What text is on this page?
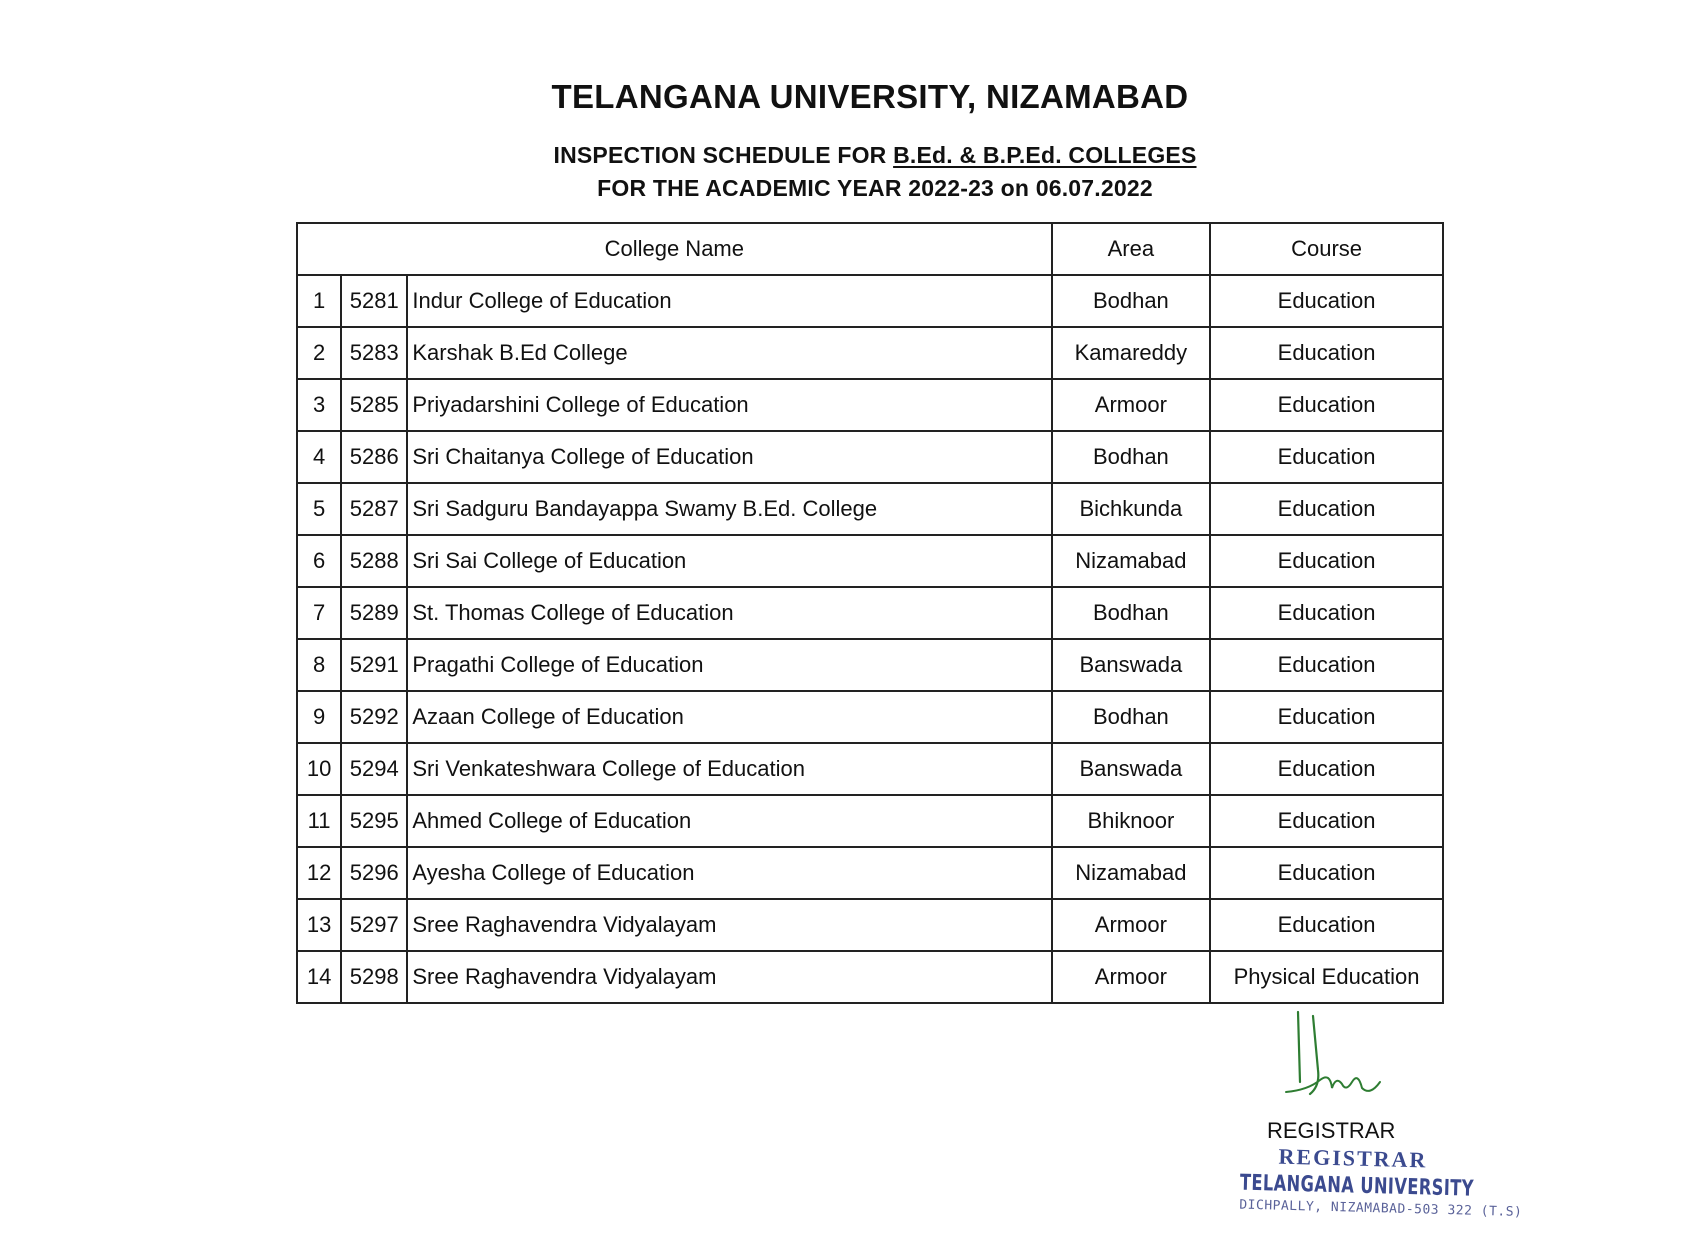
TELANGANA UNIVERSITY, NIZAMABAD
INSPECTION SCHEDULE FOR B.Ed. & B.P.Ed. COLLEGES
FOR THE ACADEMIC YEAR 2022-23 on 06.07.2022
College Name			Area	Course
1	5281	Indur College of Education	Bodhan	Education
2	5283	Karshak B.Ed College	Kamareddy	Education
3	5285	Priyadarshini College of Education	Armoor	Education
4	5286	Sri Chaitanya College of Education	Bodhan	Education
5	5287	Sri Sadguru Bandayappa Swamy B.Ed. College	Bichkunda	Education
6	5288	Sri Sai College of Education	Nizamabad	Education
7	5289	St. Thomas College of Education	Bodhan	Education
8	5291	Pragathi College of Education	Banswada	Education
9	5292	Azaan College of Education	Bodhan	Education
10	5294	Sri Venkateshwara College of Education	Banswada	Education
11	5295	Ahmed College of Education	Bhiknoor	Education
12	5296	Ayesha College of Education	Nizamabad	Education
13	5297	Sree Raghavendra Vidyalayam	Armoor	Education
14	5298	Sree Raghavendra Vidyalayam	Armoor	Physical Education
REGISTRAR
REGISTRAR
TELANGANA UNIVERSITY
DICHPALLY, NIZAMABAD-503 322 (T.S)
